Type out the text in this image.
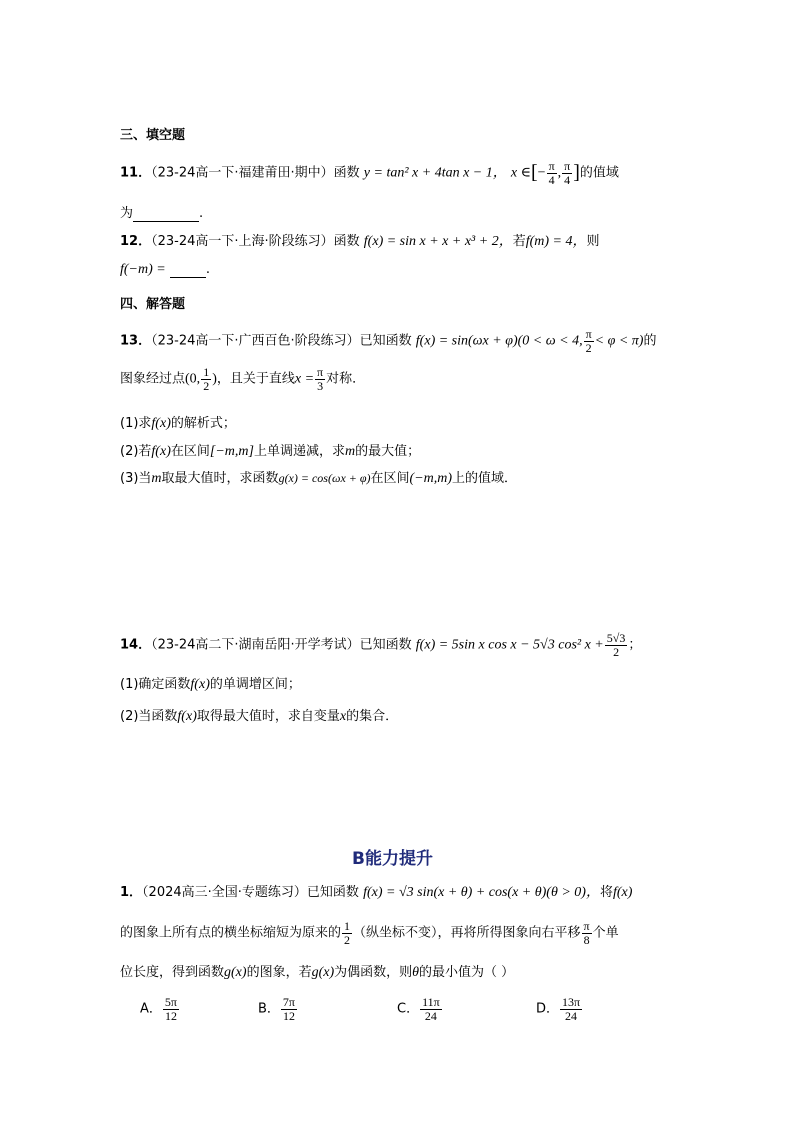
三、填空题
11．（23-24高一下·福建莆田·期中）函数 y = tan² x + 4tan x − 1， x ∈[− $\frac{\pi}{4}$ , $\frac{\pi}{4}$ ]的值域
为	.
12．（23-24高一下·上海·阶段练习）函数 f(x) = sin x + x + x³ + 2，若f(m) = 4，则
f(−m) =	.
四、解答题
13．（23-24高一下·广西百色·阶段练习）已知函数 f(x) = sin(ωx + φ)(0 < ω < 4, $\frac{\pi}{2} < \varphi < \pi$)的
图象经过点(0, $\frac{1}{2}$ )，且关于直线$x = \frac{\pi}{3}$ 对称．
(1)求f(x)的解析式；
(2)若f(x)在区间[−m,m]上单调递减，求m的最大值；
(3)当m取最大值时，求函数g(x) = cos(ωx + φ)在区间(−m,m)上的值域．
14．（23-24高二下·湖南岳阳·开学考试）已知函数 f(x) = 5sin x cos x − 5√3 cos² $x + \frac{5√3}{2}$ ；
(1)确定函数f(x)的单调增区间；
(2)当函数f(x)取得最大值时，求自变量x的集合．
B能力提升
1．（2024高三·全国·专题练习）已知函数 f(x) = √3 sin(x + θ) + cos(x + θ)(θ > 0)，将f(x)
的图象上所有点的横坐标缩短为原来的 $\frac{1}{2}$ （纵坐标不变），再将所得图象向右平移 $\frac{\pi}{8}$ 个单
位长度，得到函数g(x)的图象，若g(x)为偶函数，则θ的最小值为（ ）
A． $\frac{5\pi}{12}$	B． $\frac{7\pi}{12}$	C． $\frac{11\pi}{24}$	D． $\frac{13\pi}{24}$
